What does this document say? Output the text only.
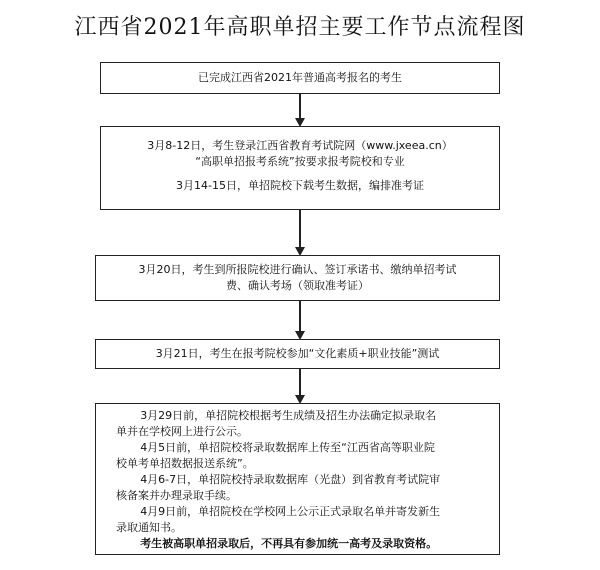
江西省2021年高职单招主要工作节点流程图

已完成江西省2021年普通高考报名的考生

3月8-12日，考生登录江西省教育考试院网（www.jxeea.cn）

“高职单招报考系统”按要求报考院校和专业

3月14-15日，单招院校下载考生数据，编排准考证

3月20日，考生到所报院校进行确认、签订承诺书、缴纳单招考试

费、确认考场（领取准考证）

3月21日，考生在报考院校参加“文化素质+职业技能”测试

3月29日前，单招院校根据考生成绩及招生办法确定拟录取名

单并在学校网上进行公示。

4月5日前，单招院校将录取数据库上传至“江西省高等职业院

校单考单招数据报送系统”。

4月6-7日，单招院校持录取数据库（光盘）到省教育考试院审

核备案并办理录取手续。

4月9日前，单招院校在学校网上公示正式录取名单并寄发新生

录取通知书。

考生被高职单招录取后，不再具有参加统一高考及录取资格。
